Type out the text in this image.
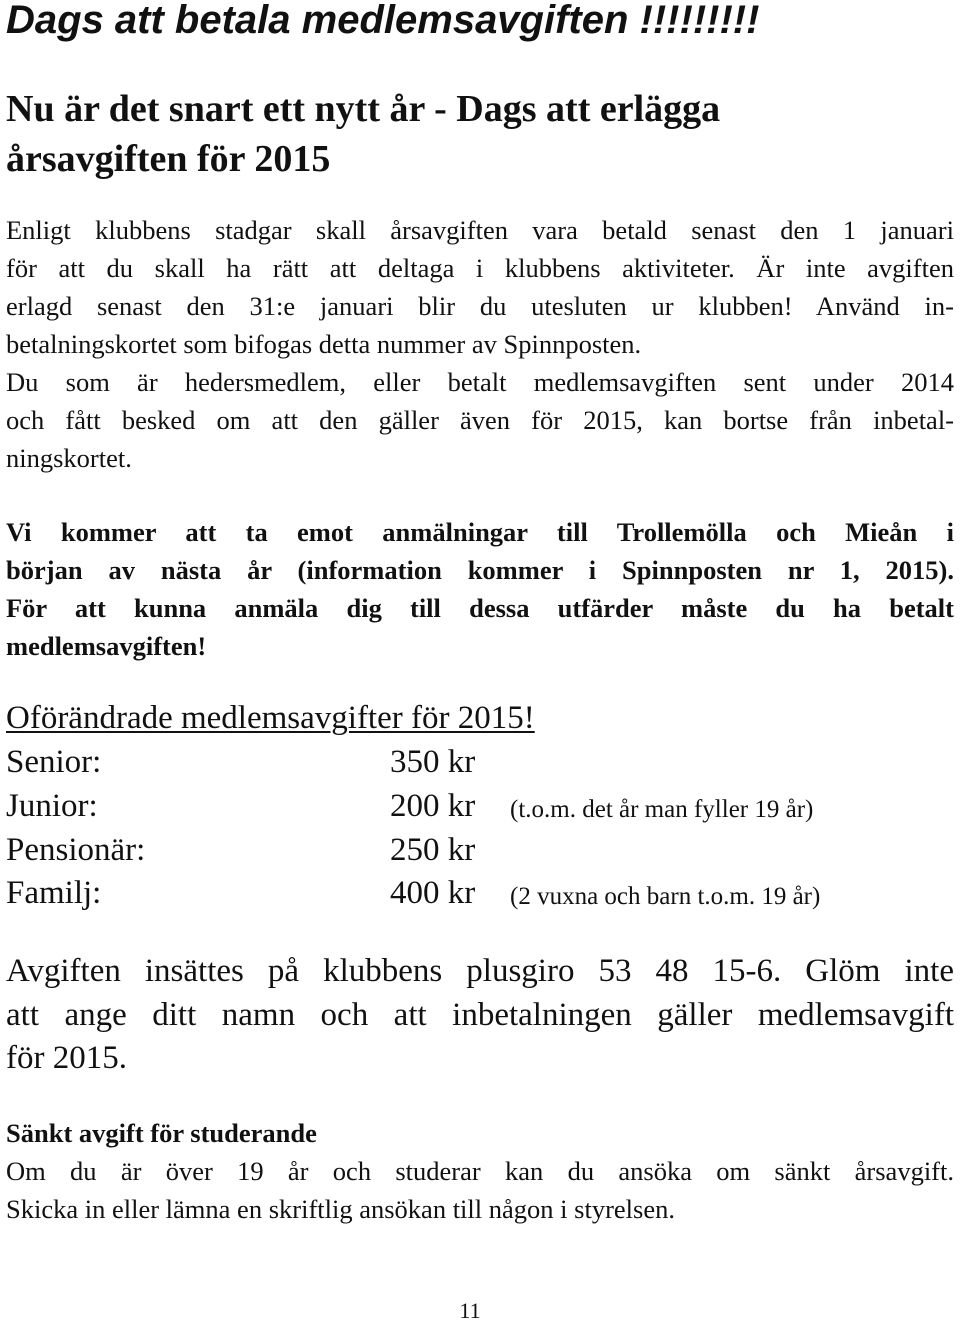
Dags att betala medlemsavgiften !!!!!!!!!
Nu är det snart ett nytt år - Dags att erlägga
årsavgiften för 2015

Enligt klubbens stadgar skall årsavgiften vara betald senast den 1 januari

för att du skall ha rätt att deltaga i klubbens aktiviteter. Är inte avgiften

erlagd senast den 31:e januari blir du utesluten ur klubben! Använd in-

betalningskortet som bifogas detta nummer av Spinnposten.

Du som är hedersmedlem, eller betalt medlemsavgiften sent under 2014

och fått besked om att den gäller även för 2015, kan bortse från inbetal-

ningskortet.

Vi kommer att ta emot anmälningar till Trollemölla och Mieån i

början av nästa år (information kommer i Spinnposten nr 1, 2015).

För att kunna anmäla dig till dessa utfärder måste du ha betalt

medlemsavgiften!

Oförändrade medlemsavgifter för 2015!

Senior:	350 kr
Junior:	200 kr (t.o.m. det år man fyller 19 år)
Pensionär:	250 kr
Familj:	400 kr (2 vuxna och barn t.o.m. 19 år)

Avgiften insättes på klubbens plusgiro 53 48 15-6. Glöm inte

att ange ditt namn och att inbetalningen gäller medlemsavgift

för 2015.

Sänkt avgift för studerande

Om du är över 19 år och studerar kan du ansöka om sänkt årsavgift.

Skicka in eller lämna en skriftlig ansökan till någon i styrelsen.

11
